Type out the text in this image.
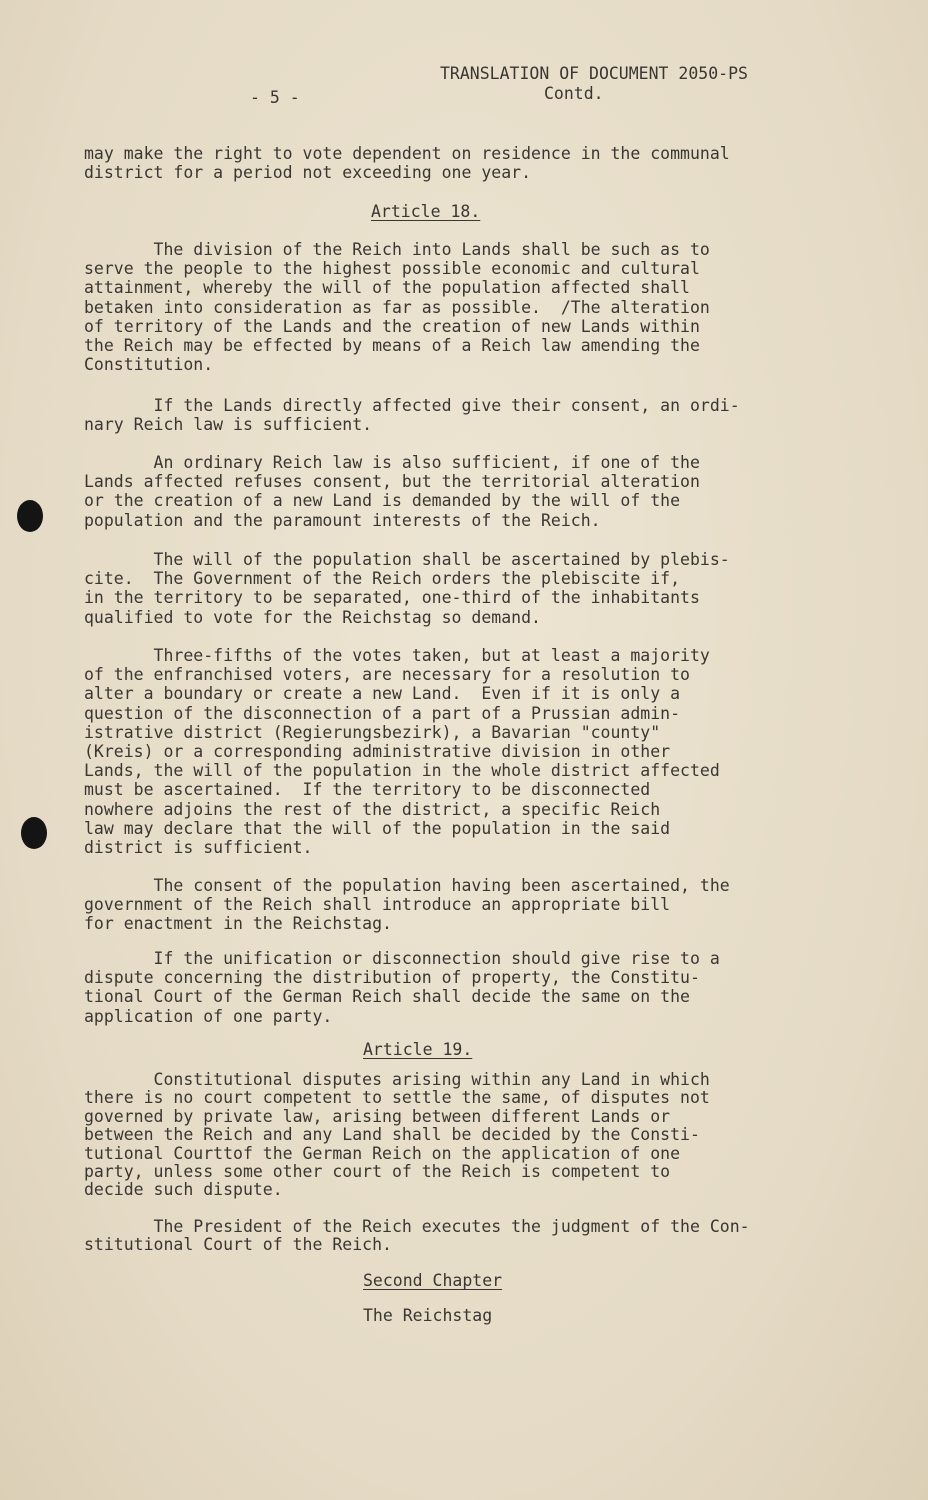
TRANSLATION OF DOCUMENT 2050-PS
Contd.
- 5 -
may make the right to vote dependent on residence in the communal
district for a period not exceeding one year.
Article 18.
The division of the Reich into Lands shall be such as to
serve the people to the highest possible economic and cultural
attainment, whereby the will of the population affected shall
betaken into consideration as far as possible.  /The alteration
of territory of the Lands and the creation of new Lands within
the Reich may be effected by means of a Reich law amending the
Constitution.
If the Lands directly affected give their consent, an ordi-
nary Reich law is sufficient.
An ordinary Reich law is also sufficient, if one of the
Lands affected refuses consent, but the territorial alteration
or the creation of a new Land is demanded by the will of the
population and the paramount interests of the Reich.
The will of the population shall be ascertained by plebis-
cite.  The Government of the Reich orders the plebiscite if,
in the territory to be separated, one-third of the inhabitants
qualified to vote for the Reichstag so demand.
Three-fifths of the votes taken, but at least a majority
of the enfranchised voters, are necessary for a resolution to
alter a boundary or create a new Land.  Even if it is only a
question of the disconnection of a part of a Prussian admin-
istrative district (Regierungsbezirk), a Bavarian "county"
(Kreis) or a corresponding administrative division in other
Lands, the will of the population in the whole district affected
must be ascertained.  If the territory to be disconnected
nowhere adjoins the rest of the district, a specific Reich
law may declare that the will of the population in the said
district is sufficient.
The consent of the population having been ascertained, the
government of the Reich shall introduce an appropriate bill
for enactment in the Reichstag.
If the unification or disconnection should give rise to a
dispute concerning the distribution of property, the Constitu-
tional Court of the German Reich shall decide the same on the
application of one party.
Article 19.
Constitutional disputes arising within any Land in which
there is no court competent to settle the same, of disputes not
governed by private law, arising between different Lands or
between the Reich and any Land shall be decided by the Consti-
tutional Courttof the German Reich on the application of one
party, unless some other court of the Reich is competent to
decide such dispute.
The President of the Reich executes the judgment of the Con-
stitutional Court of the Reich.
Second Chapter
The Reichstag
